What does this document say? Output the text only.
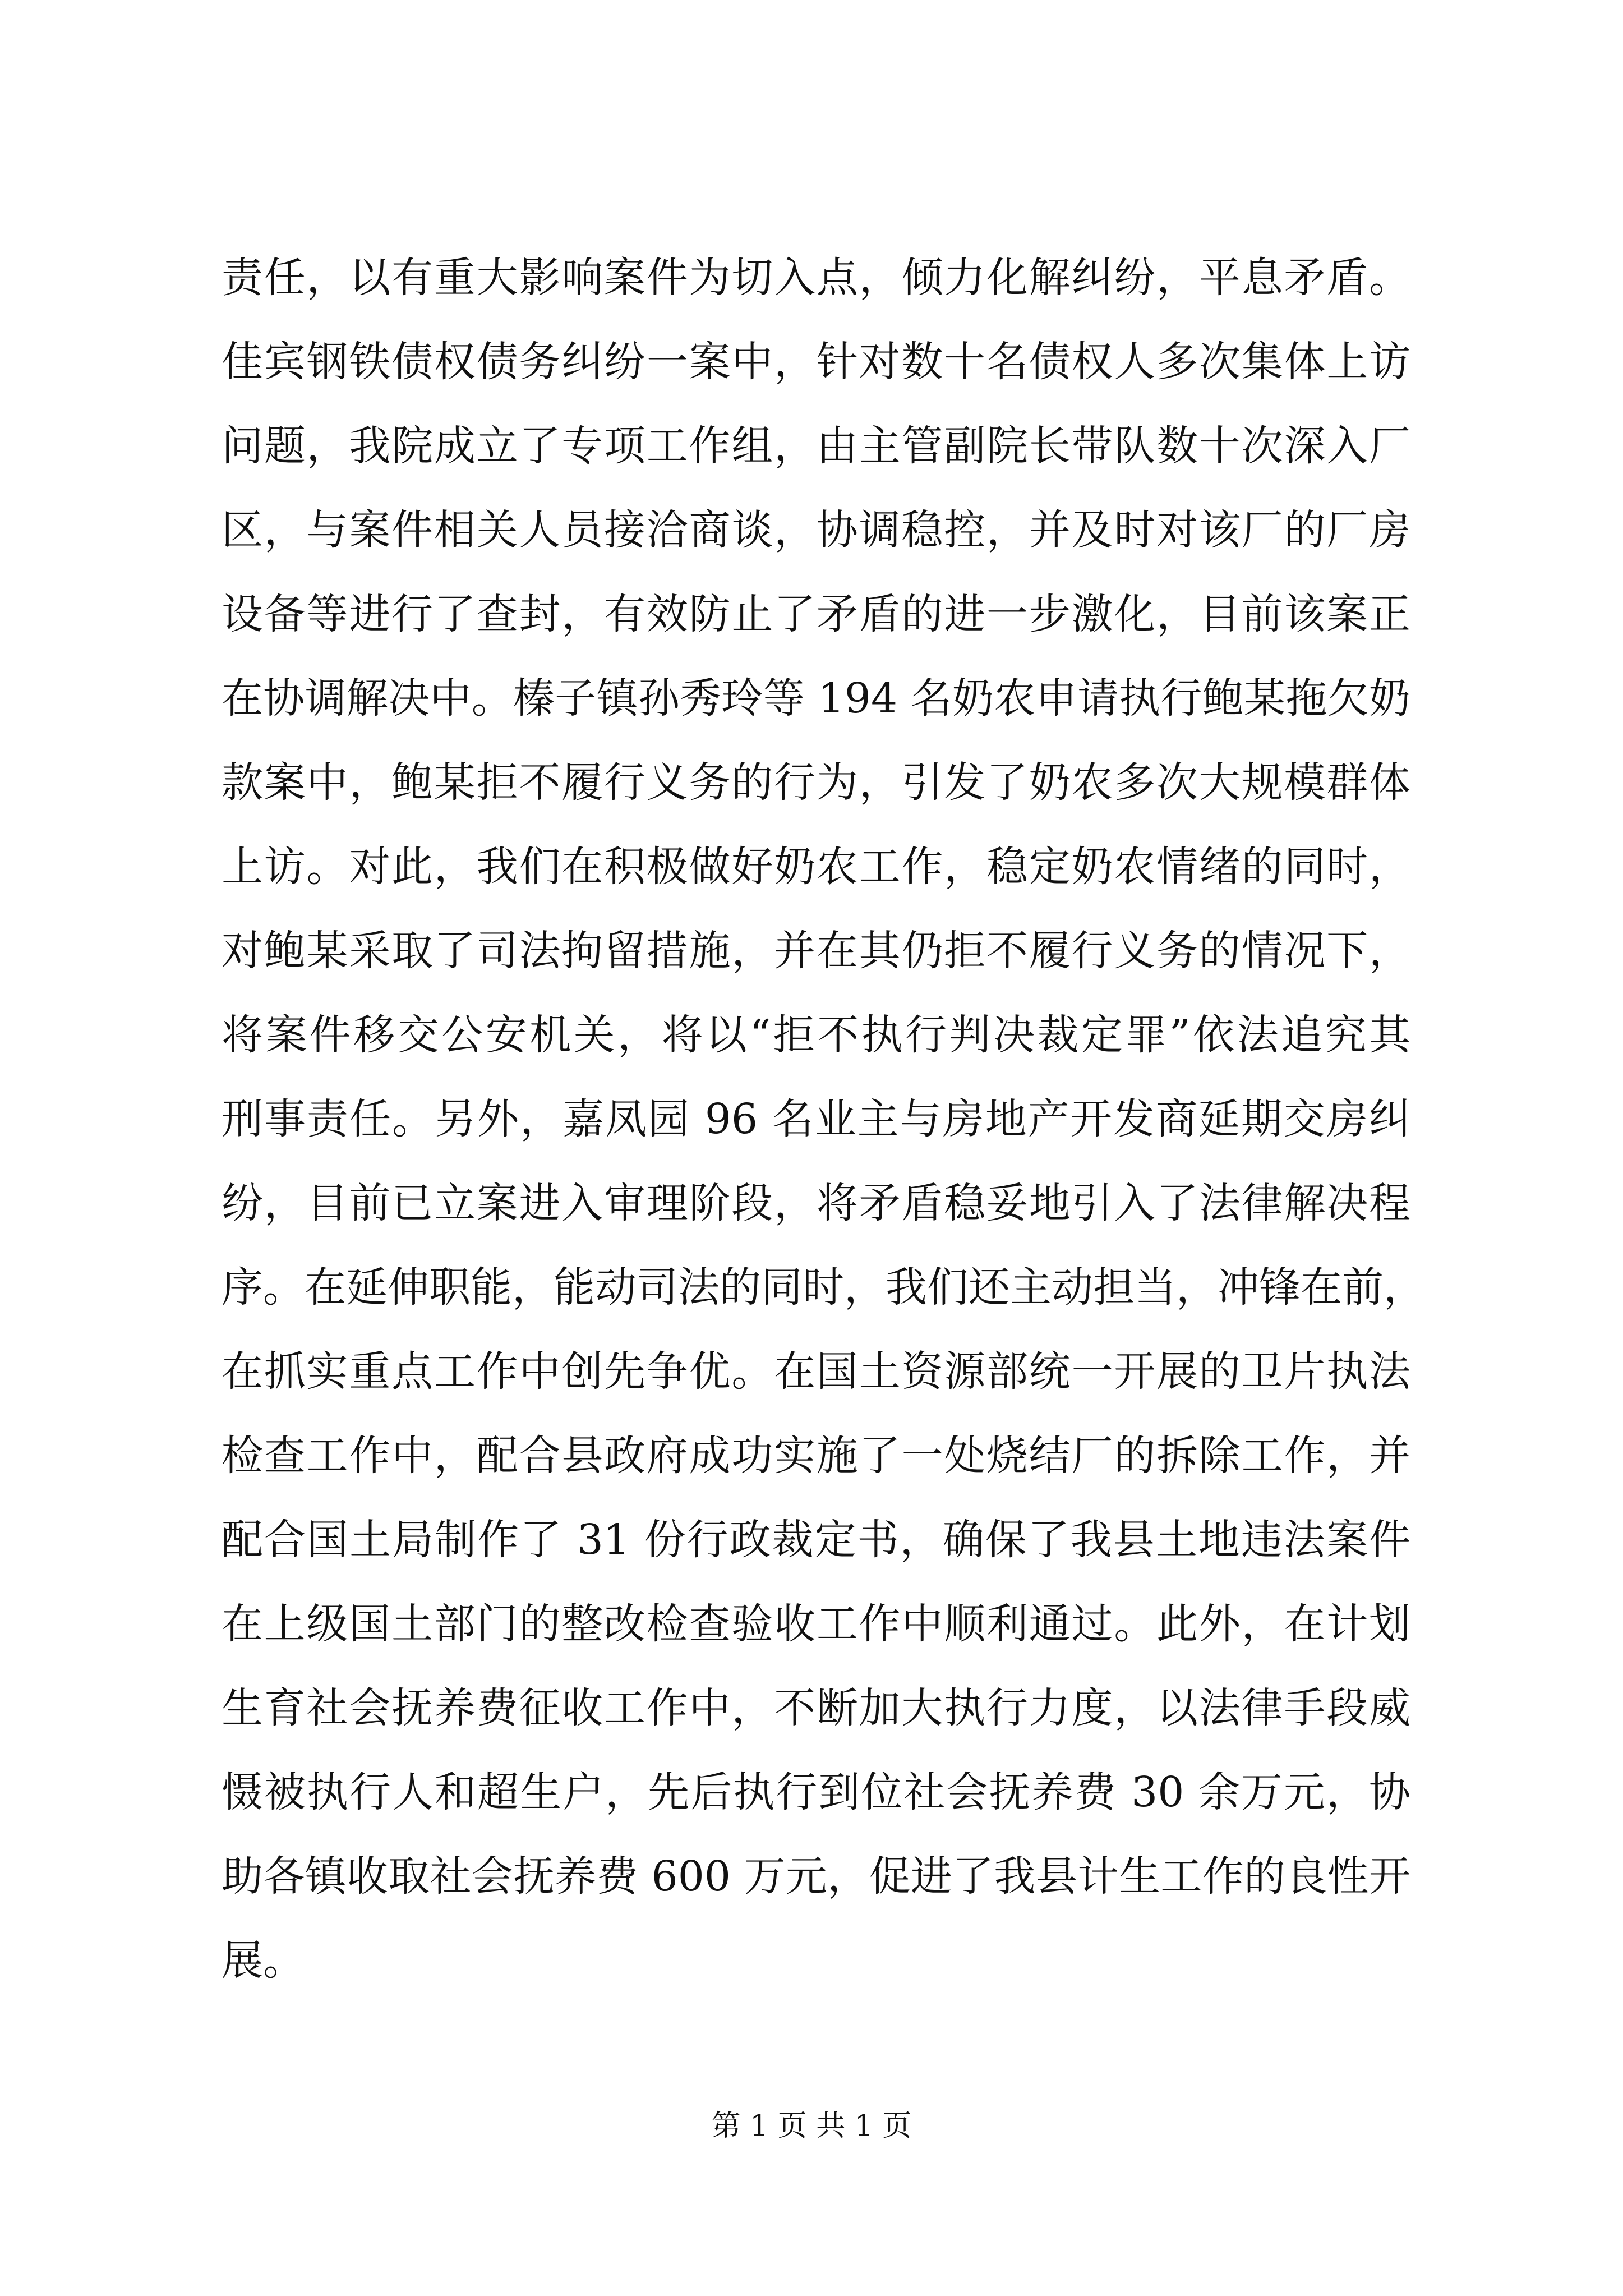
责任，以有重大影响案件为切入点，倾力化解纠纷，平息矛盾。
佳宾钢铁债权债务纠纷一案中，针对数十名债权人多次集体上访
问题，我院成立了专项工作组，由主管副院长带队数十次深入厂
区，与案件相关人员接洽商谈，协调稳控，并及时对该厂的厂房
设备等进行了查封，有效防止了矛盾的进一步激化，目前该案正
在协调解决中。榛子镇孙秀玲等 194 名奶农申请执行鲍某拖欠奶
款案中，鲍某拒不履行义务的行为，引发了奶农多次大规模群体
上访。对此，我们在积极做好奶农工作，稳定奶农情绪的同时，
对鲍某采取了司法拘留措施，并在其仍拒不履行义务的情况下，
将案件移交公安机关，将以“拒不执行判决裁定罪”依法追究其
刑事责任。另外，嘉凤园 96 名业主与房地产开发商延期交房纠
纷，目前已立案进入审理阶段，将矛盾稳妥地引入了法律解决程
序。在延伸职能，能动司法的同时，我们还主动担当，冲锋在前，
在抓实重点工作中创先争优。在国土资源部统一开展的卫片执法
检查工作中，配合县政府成功实施了一处烧结厂的拆除工作，并
配合国土局制作了 31 份行政裁定书，确保了我县土地违法案件
在上级国土部门的整改检查验收工作中顺利通过。此外，在计划
生育社会抚养费征收工作中，不断加大执行力度，以法律手段威
慑被执行人和超生户，先后执行到位社会抚养费 30 余万元，协
助各镇收取社会抚养费 600 万元，促进了我县计生工作的良性开
展。
第 1 页 共 1 页
